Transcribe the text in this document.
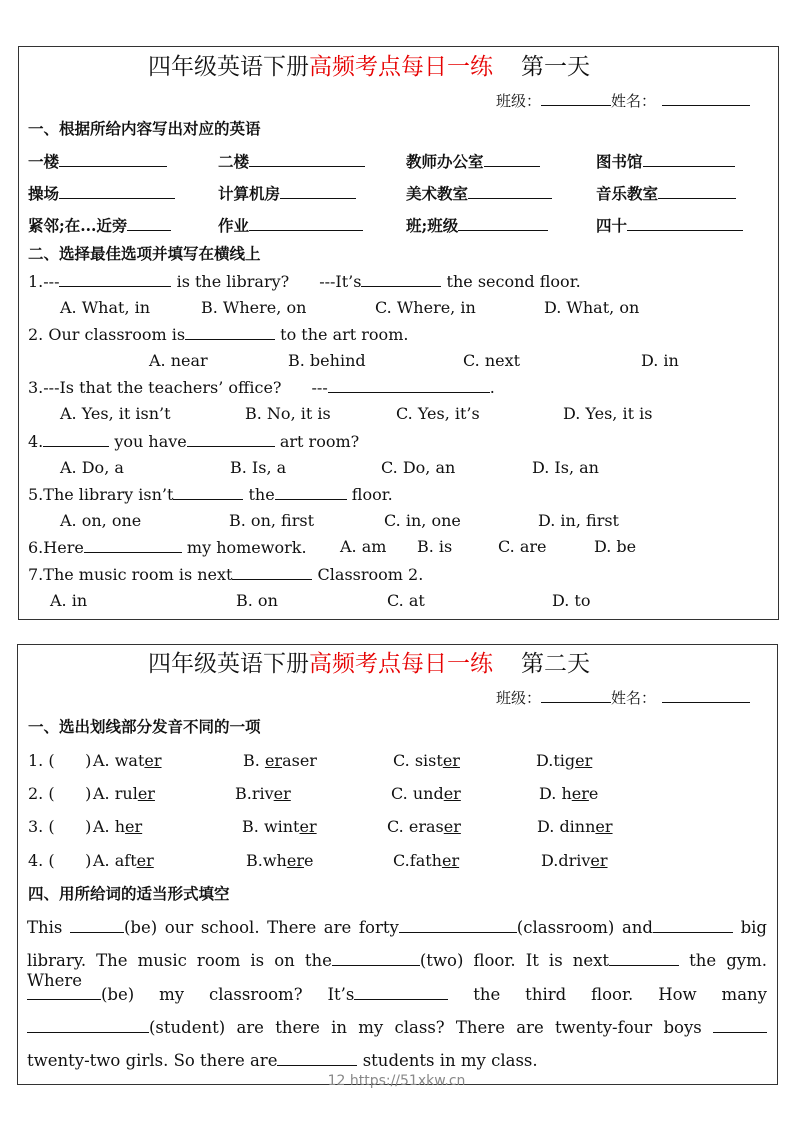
四年级英语下册高频考点每日一练 第一天
班级：	姓名：
一、根据所给内容写出对应的英语
一楼	二楼	教师办公室	图书馆
操场	计算机房	美术教室	音乐教室
紧邻;在...近旁	作业	班;班级	四十
二、选择最佳选项并填写在横线上
1.---	is the library? ---It’s	the second floor.
A. What, in	B. Where, on	C. Where, in	D. What, on
2. Our classroom is	to the art room.
A. near	B. behind	C. next	D. in
3.---Is that the teachers’ office? ---	.
A. Yes, it isn’t	B. No, it is	C. Yes, it’s	D. Yes, it is
4.	you have	art room?
A. Do, a	B. Is, a	C. Do, an	D. Is, an
5.The library isn’t	the	floor.
A. on, one	B. on, first	C. in, one	D. in, first
6.Here	my homework. A. am B. is	C. are	D. be
7.The music room is next	Classroom 2.
A. in	B. on	C. at	D. to
四年级英语下册高频考点每日一练 第二天
班级：	姓名：
一、选出划线部分发音不同的一项
1. (      ) A. water	B. eraser	C. sister	D.tiger
2. (      ) A. ruler	B.river	C. under	D. here
3. (      ) A. her	B. winter	C. eraser	D. dinner
4. (      ) A. after	B.where	C.father	D.driver
四、用所给词的适当形式填空
This	(be) our school. There are forty	(classroom) and	big
library. The music room is on the	(two) floor. It is next	the gym. Where
(be) my classroom? It’s	the third floor. How many
(student) are there in my class? There are twenty-four boys
twenty-two girls. So there are	students in my class.
12 https://51xkw.cn
